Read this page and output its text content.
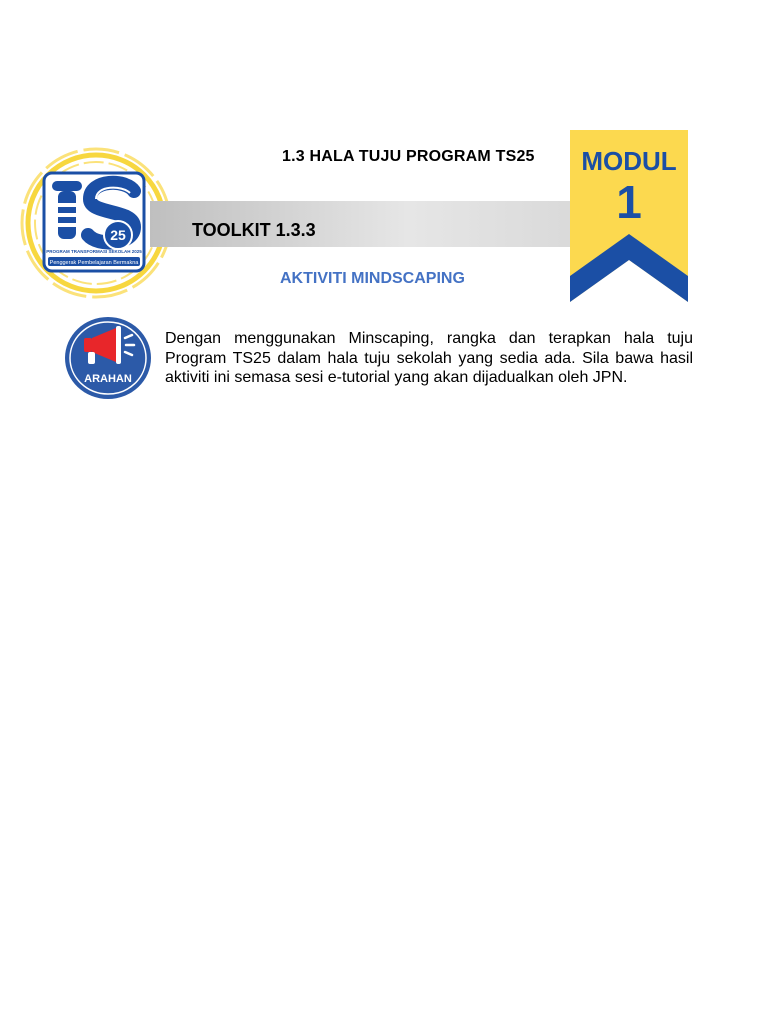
25
PROGRAM TRANSFORMASI SEKOLAH 2025
Penggerak Pembelajaran Bermakna
1.3 HALA TUJU PROGRAM TS25
TOOLKIT 1.3.3
AKTIVITI MINDSCAPING
MODUL
1
ARAHAN

Dengan menggunakan Minscaping, rangka dan terapkan hala tuju Program TS25 dalam hala tuju sekolah yang sedia ada. Sila bawa hasil aktiviti ini semasa sesi e-tutorial yang akan dijadualkan oleh JPN.
